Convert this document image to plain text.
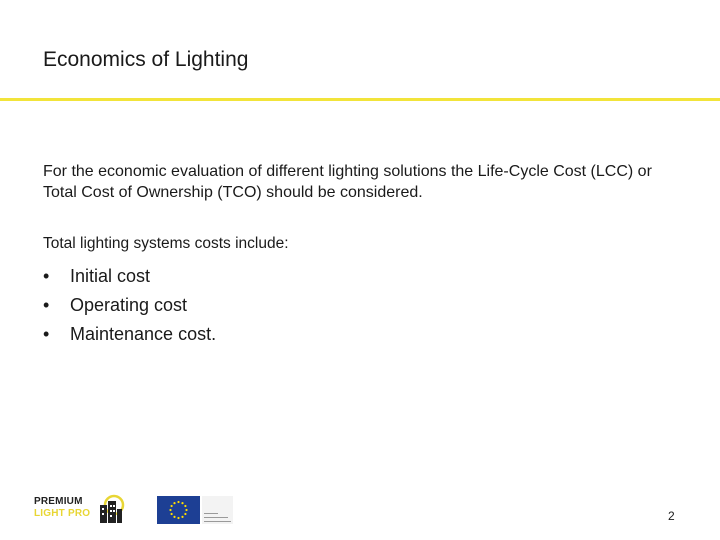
Economics of Lighting
For the economic evaluation of different lighting solutions the Life-Cycle Cost (LCC) or Total Cost of Ownership (TCO) should be considered.
Total lighting systems costs include:
•	Initial cost
•	Operating cost
•	Maintenance cost.
PREMIUM
LIGHT PRO	2
